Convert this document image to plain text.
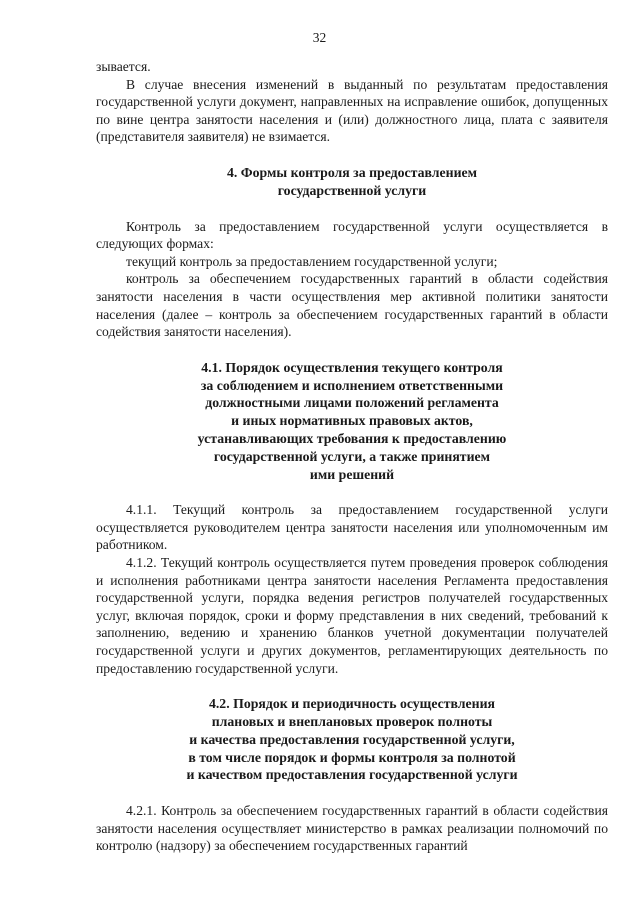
32

зывается.

В случае внесения изменений в выданный по результатам предоставления государственной услуги документ, направленных на исправление ошибок, допущенных по вине центра занятости населения и (или) должностного лица, плата с заявителя (представителя заявителя) не взимается.

4. Формы контроля за предоставлением
государственной услуги

Контроль за предоставлением государственной услуги осуществляется в следующих формах:

текущий контроль за предоставлением государственной услуги;

контроль за обеспечением государственных гарантий в области содействия занятости населения в части осуществления мер активной политики занятости населения (далее – контроль за обеспечением государственных гарантий в области содействия занятости населения).

4.1. Порядок осуществления текущего контроля
за соблюдением и исполнением ответственными
должностными лицами положений регламента
и иных нормативных правовых актов,
устанавливающих требования к предоставлению
государственной услуги, а также принятием
ими решений

4.1.1. Текущий контроль за предоставлением государственной услуги осуществляется руководителем центра занятости населения или уполномоченным им работником.

4.1.2. Текущий контроль осуществляется путем проведения проверок соблюдения и исполнения работниками центра занятости населения Регламента предоставления государственной услуги, порядка ведения регистров получателей государственных услуг, включая порядок, сроки и форму представления в них сведений, требований к заполнению, ведению и хранению бланков учетной документации получателей государственной услуги и других документов, регламентирующих деятельность по предоставлению государственной услуги.

4.2. Порядок и периодичность осуществления
плановых и внеплановых проверок полноты
и качества предоставления государственной услуги,
в том числе порядок и формы контроля за полнотой
и качеством предоставления государственной услуги

4.2.1. Контроль за обеспечением государственных гарантий в области содействия занятости населения осуществляет министерство в рамках реализации полномочий по контролю (надзору) за обеспечением государственных гарантий
